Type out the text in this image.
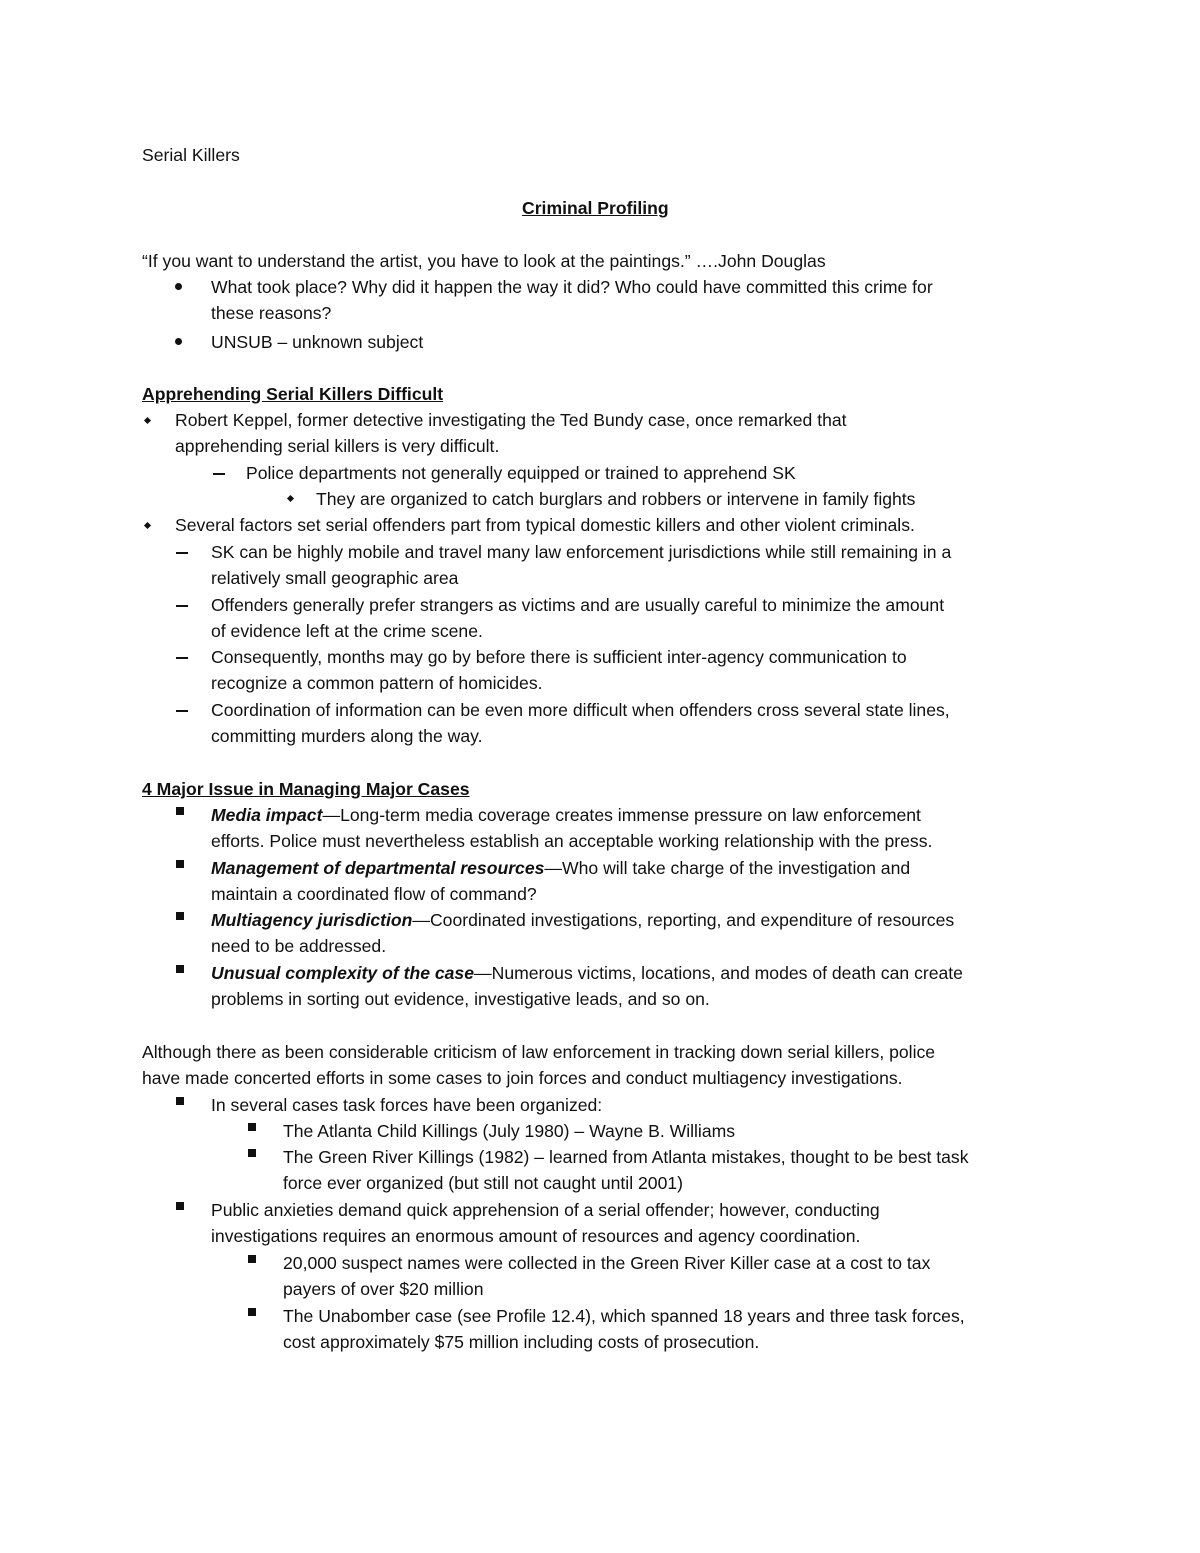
Serial Killers
Criminal Profiling
“If you want to understand the artist, you have to look at the paintings.” ….John Douglas
What took place? Why did it happen the way it did? Who could have committed this crime for
these reasons?
UNSUB – unknown subject
Apprehending Serial Killers Difficult
Robert Keppel, former detective investigating the Ted Bundy case, once remarked that
apprehending serial killers is very difficult.
Police departments not generally equipped or trained to apprehend SK
They are organized to catch burglars and robbers or intervene in family fights
Several factors set serial offenders part from typical domestic killers and other violent criminals.
SK can be highly mobile and travel many law enforcement jurisdictions while still remaining in a
relatively small geographic area
Offenders generally prefer strangers as victims and are usually careful to minimize the amount
of evidence left at the crime scene.
Consequently, months may go by before there is sufficient inter-agency communication to
recognize a common pattern of homicides.
Coordination of information can be even more difficult when offenders cross several state lines,
committing murders along the way.
4 Major Issue in Managing Major Cases
Media impact—Long-term media coverage creates immense pressure on law enforcement
efforts. Police must nevertheless establish an acceptable working relationship with the press.
Management of departmental resources—Who will take charge of the investigation and
maintain a coordinated flow of command?
Multiagency jurisdiction—Coordinated investigations, reporting, and expenditure of resources
need to be addressed.
Unusual complexity of the case—Numerous victims, locations, and modes of death can create
problems in sorting out evidence, investigative leads, and so on.
Although there as been considerable criticism of law enforcement in tracking down serial killers, police
have made concerted efforts in some cases to join forces and conduct multiagency investigations.
In several cases task forces have been organized:
The Atlanta Child Killings (July 1980) – Wayne B. Williams
The Green River Killings (1982) – learned from Atlanta mistakes, thought to be best task
force ever organized (but still not caught until 2001)
Public anxieties demand quick apprehension of a serial offender; however, conducting
investigations requires an enormous amount of resources and agency coordination.
20,000 suspect names were collected in the Green River Killer case at a cost to tax
payers of over $20 million
The Unabomber case (see Profile 12.4), which spanned 18 years and three task forces,
cost approximately $75 million including costs of prosecution.
